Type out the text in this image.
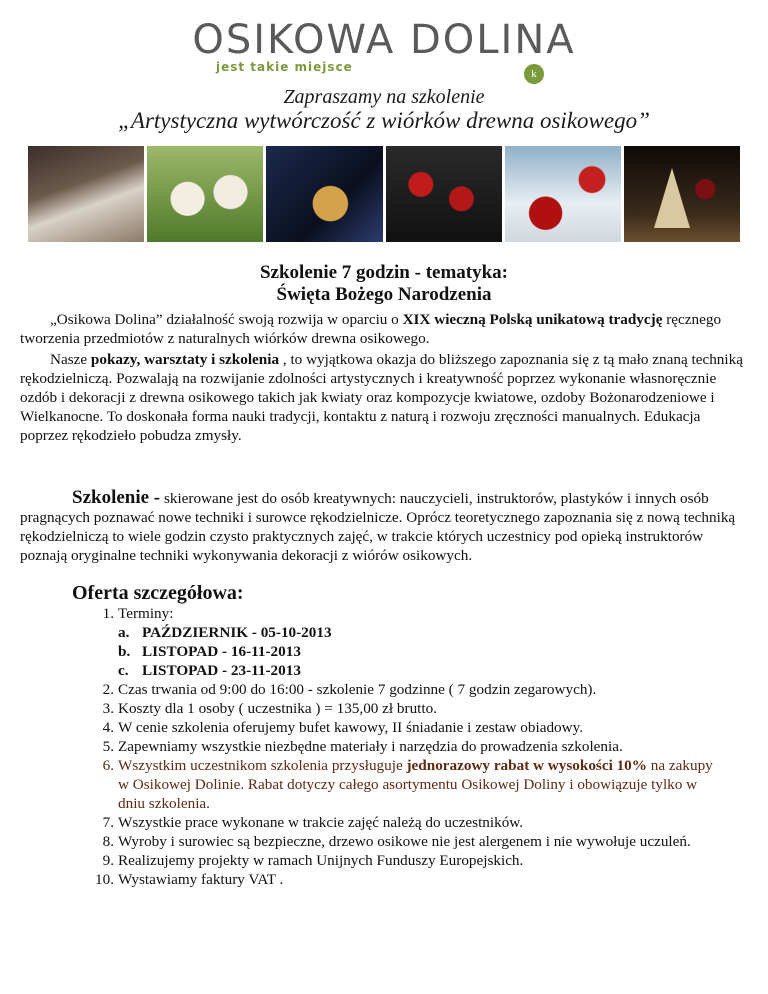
OSIKOWA DOLINA
jest takie miejsce	k
Zapraszamy na szkolenie
„Artystyczna wytwórczość z wiórków drewna osikowego”
Szkolenie 7 godzin - tematyka:
Święta Bożego Narodzenia

„Osikowa Dolina” działalność swoją rozwija w oparciu o XIX wieczną Polską unikatową tradycję ręcznego tworzenia przedmiotów z naturalnych wiórków drewna osikowego.

Nasze pokazy, warsztaty i szkolenia , to wyjątkowa okazja do bliższego zapoznania się z tą mało znaną techniką rękodzielniczą. Pozwalają na rozwijanie zdolności artystycznych i kreatywność poprzez wykonanie własnoręcznie ozdób i dekoracji z drewna osikowego takich jak kwiaty oraz kompozycje kwiatowe, ozdoby Bożonarodzeniowe i Wielkanocne. To doskonała forma nauki tradycji, kontaktu z naturą i rozwoju zręczności manualnych. Edukacja poprzez rękodzieło pobudza zmysły.

Szkolenie - skierowane jest do osób kreatywnych: nauczycieli, instruktorów, plastyków i innych osób pragnących poznawać nowe techniki i surowce rękodzielnicze. Oprócz teoretycznego zapoznania się z nową techniką rękodzielniczą to wiele godzin czysto praktycznych zajęć, w trakcie których uczestnicy pod opieką instruktorów poznają oryginalne techniki wykonywania dekoracji z wiórów osikowych.

Oferta szczegółowa:
1. Terminy:
a. PAŹDZIERNIK - 05-10-2013
b. LISTOPAD - 16-11-2013
c. LISTOPAD - 23-11-2013
2. Czas trwania od 9:00 do 16:00 - szkolenie 7 godzinne ( 7 godzin zegarowych).
3. Koszty dla 1 osoby ( uczestnika ) = 135,00 zł brutto.
4. W cenie szkolenia oferujemy bufet kawowy, II śniadanie i zestaw obiadowy.
5. Zapewniamy wszystkie niezbędne materiały i narzędzia do prowadzenia szkolenia.
6. Wszystkim uczestnikom szkolenia przysługuje jednorazowy rabat w wysokości 10% na zakupy w Osikowej Dolinie. Rabat dotyczy całego asortymentu Osikowej Doliny i obowiązuje tylko w dniu szkolenia.
7. Wszystkie prace wykonane w trakcie zajęć należą do uczestników.
8. Wyroby i surowiec są bezpieczne, drzewo osikowe nie jest alergenem i nie wywołuje uczuleń.
9. Realizujemy projekty w ramach Unijnych Funduszy Europejskich.
10. Wystawiamy faktury VAT .
